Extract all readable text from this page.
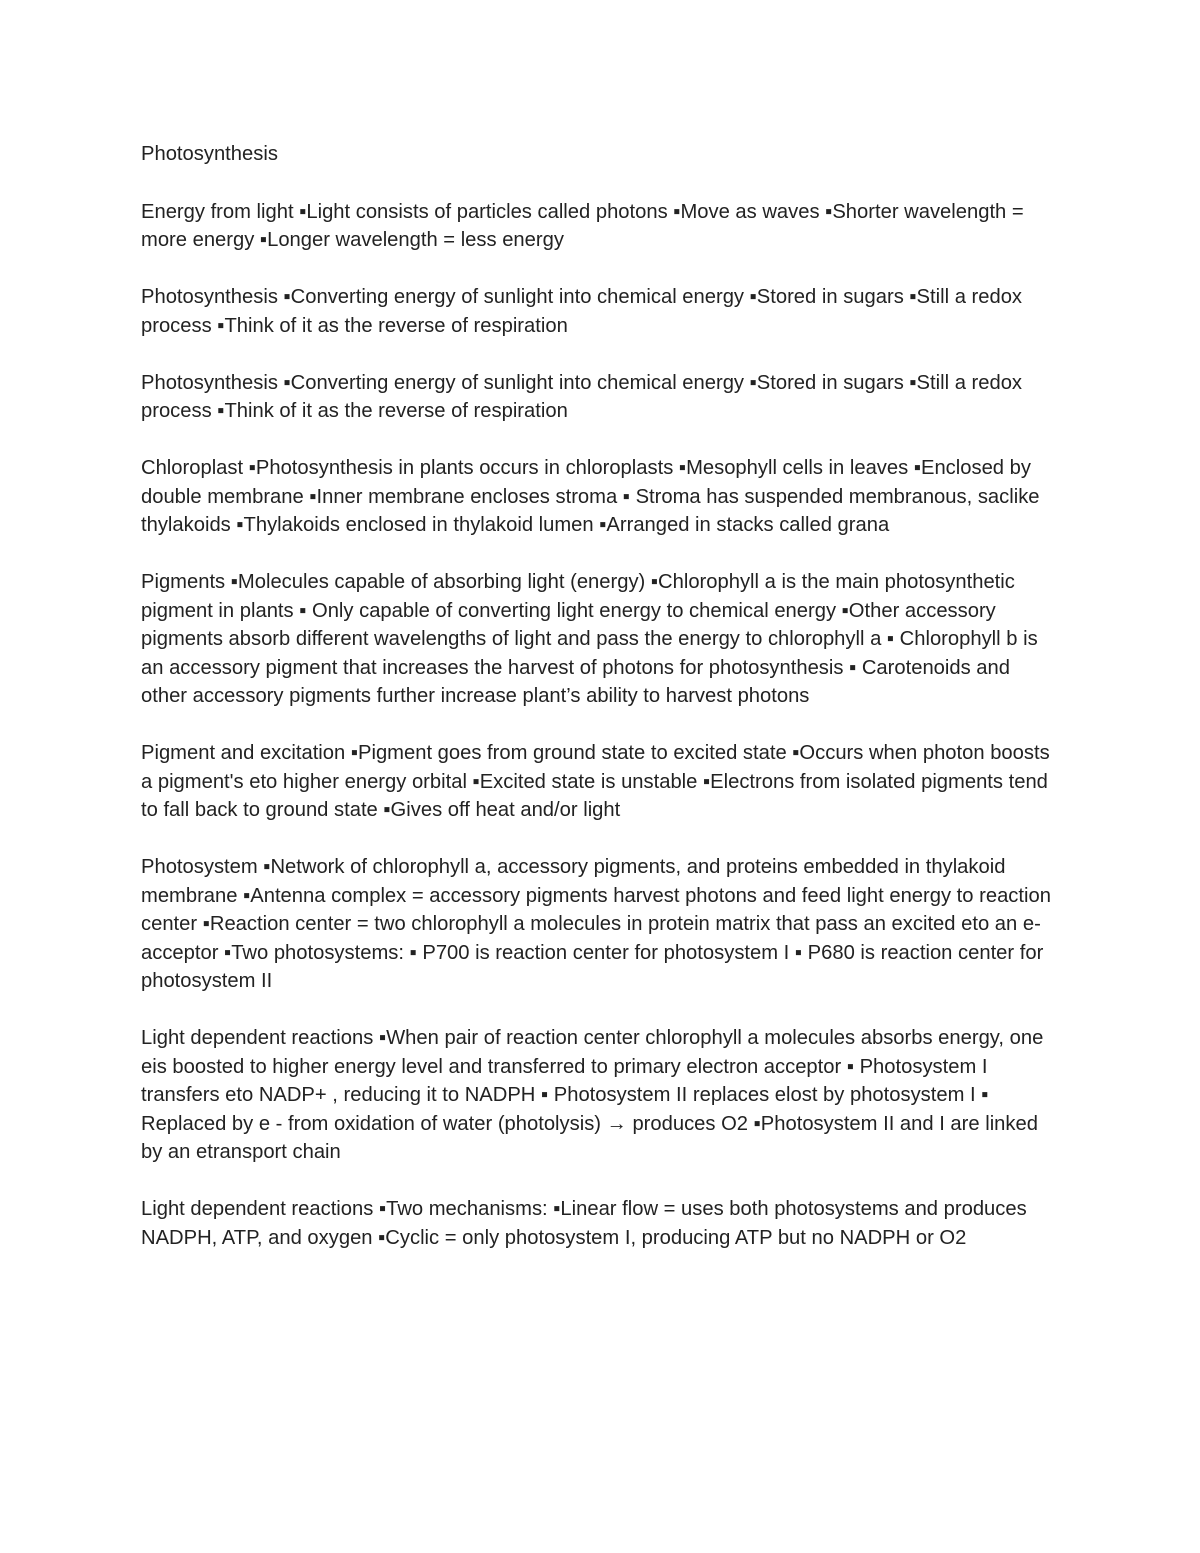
Photosynthesis

Energy from light ▪Light consists of particles called photons ▪Move as waves ▪Shorter wavelength = more energy ▪Longer wavelength = less energy

Photosynthesis ▪Converting energy of sunlight into chemical energy ▪Stored in sugars ▪Still a redox process ▪Think of it as the reverse of respiration

Photosynthesis ▪Converting energy of sunlight into chemical energy ▪Stored in sugars ▪Still a redox process ▪Think of it as the reverse of respiration

Chloroplast ▪Photosynthesis in plants occurs in chloroplasts ▪Mesophyll cells in leaves ▪Enclosed by double membrane ▪Inner membrane encloses stroma ▪ Stroma has suspended membranous, saclike thylakoids ▪Thylakoids enclosed in thylakoid lumen ▪Arranged in stacks called grana

Pigments ▪Molecules capable of absorbing light (energy) ▪Chlorophyll a is the main photosynthetic pigment in plants ▪ Only capable of converting light energy to chemical energy ▪Other accessory pigments absorb different wavelengths of light and pass the energy to chlorophyll a ▪ Chlorophyll b is an accessory pigment that increases the harvest of photons for photosynthesis ▪ Carotenoids and other accessory pigments further increase plant’s ability to harvest photons

Pigment and excitation ▪Pigment goes from ground state to excited state ▪Occurs when photon boosts a pigment's eto higher energy orbital ▪Excited state is unstable ▪Electrons from isolated pigments tend to fall back to ground state ▪Gives off heat and/or light

Photosystem ▪Network of chlorophyll a, accessory pigments, and proteins embedded in thylakoid membrane ▪Antenna complex = accessory pigments harvest photons and feed light energy to reaction center ▪Reaction center = two chlorophyll a molecules in protein matrix that pass an excited eto an e- acceptor ▪Two photosystems: ▪ P700 is reaction center for photosystem I ▪ P680 is reaction center for photosystem II

Light dependent reactions ▪When pair of reaction center chlorophyll a molecules absorbs energy, one eis boosted to higher energy level and transferred to primary electron acceptor ▪ Photosystem I transfers eto NADP+ , reducing it to NADPH ▪ Photosystem II replaces elost by photosystem I ▪ Replaced by e - from oxidation of water (photolysis) → produces O2 ▪Photosystem II and I are linked by an etransport chain

Light dependent reactions ▪Two mechanisms: ▪Linear flow = uses both photosystems and produces NADPH, ATP, and oxygen ▪Cyclic = only photosystem I, producing ATP but no NADPH or O2
